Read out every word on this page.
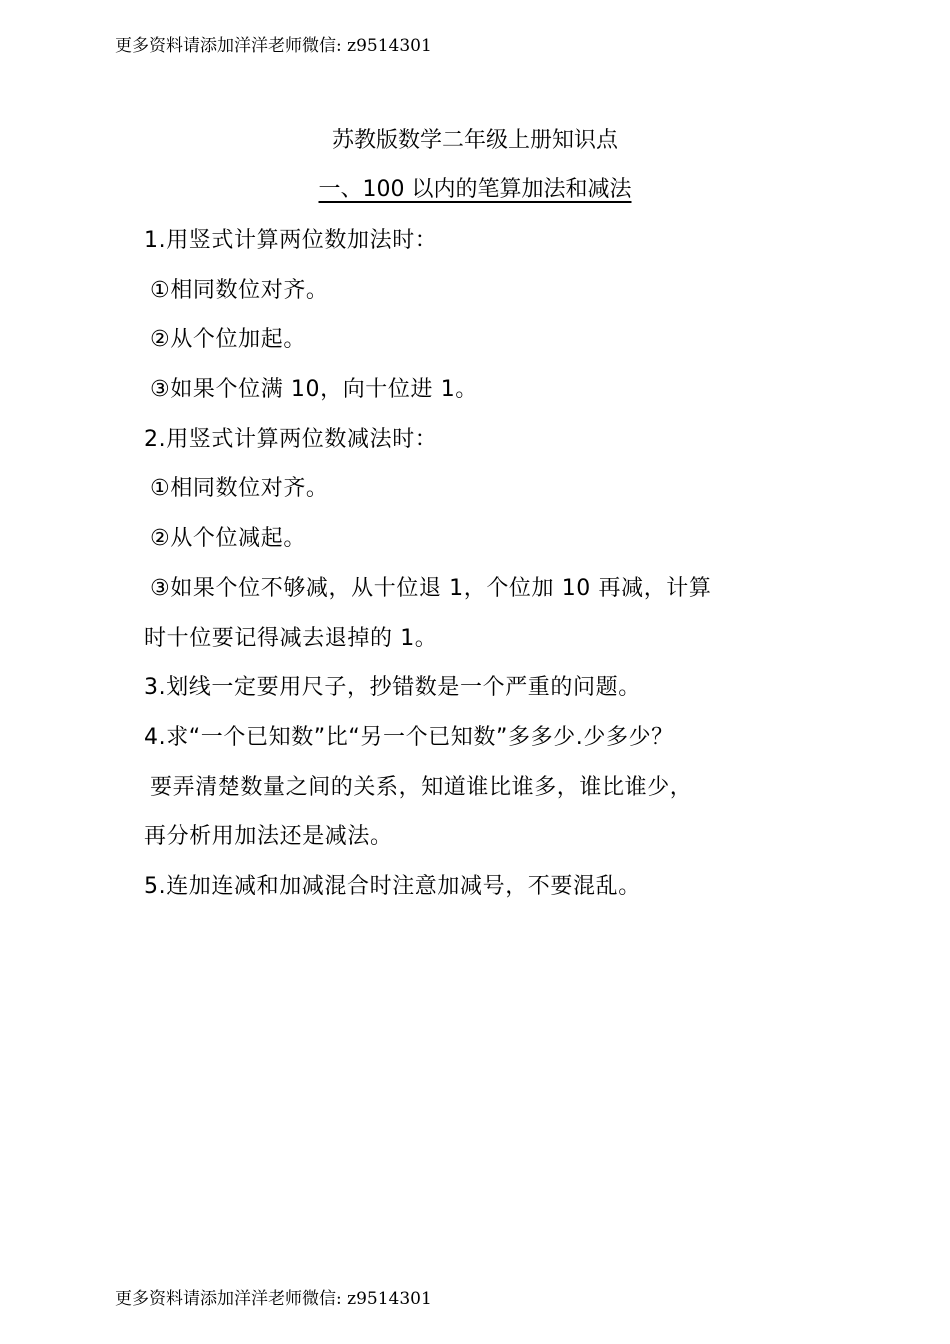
更多资料请添加洋洋老师微信: z9514301
苏教版数学二年级上册知识点
一、100 以内的笔算加法和减法
1.用竖式计算两位数加法时：
①相同数位对齐。
②从个位加起。
③如果个位满 10，向十位进 1。
2.用竖式计算两位数减法时：
①相同数位对齐。
②从个位减起。
③如果个位不够减，从十位退 1，个位加 10 再减，计算
时十位要记得减去退掉的 1。
3.划线一定要用尺子，抄错数是一个严重的问题。
4.求“一个已知数”比“另一个已知数”多多少.少多少？
要弄清楚数量之间的关系，知道谁比谁多，谁比谁少，
再分析用加法还是减法。
5.连加连减和加减混合时注意加减号，不要混乱。
更多资料请添加洋洋老师微信: z9514301
